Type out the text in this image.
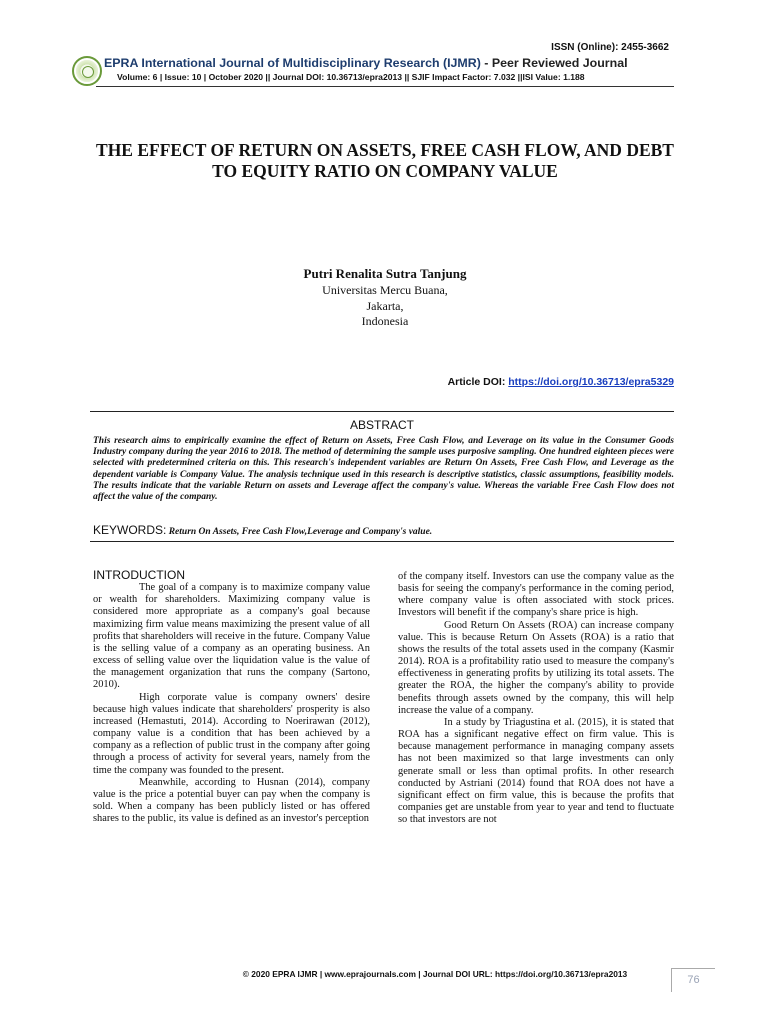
ISSN (Online): 2455-3662
EPRA International Journal of Multidisciplinary Research (IJMR) - Peer Reviewed Journal
Volume: 6 | Issue: 10 | October 2020 || Journal DOI: 10.36713/epra2013 || SJIF Impact Factor: 7.032 ||ISI Value: 1.188
THE EFFECT OF RETURN ON ASSETS, FREE CASH FLOW, AND DEBT TO EQUITY RATIO ON COMPANY VALUE
Putri Renalita Sutra Tanjung
Universitas Mercu Buana,
Jakarta,
Indonesia
Article DOI: https://doi.org/10.36713/epra5329
ABSTRACT
This research aims to empirically examine the effect of Return on Assets, Free Cash Flow, and Leverage on its value in the Consumer Goods Industry company during the year 2016 to 2018. The method of determining the sample uses purposive sampling. One hundred eighteen pieces were selected with predetermined criteria on this. This research's independent variables are Return On Assets, Free Cash Flow, and Leverage as the dependent variable is Company Value. The analysis technique used in this research is descriptive statistics, classic assumptions, feasibility models. The results indicate that the variable Return on assets and Leverage affect the company's value. Whereas the variable Free Cash Flow does not affect the value of the company.
KEYWORDS: Return On Assets, Free Cash Flow,Leverage and Company's value.
INTRODUCTION

The goal of a company is to maximize company value or wealth for shareholders. Maximizing company value is considered more appropriate as a company's goal because maximizing firm value means maximizing the present value of all profits that shareholders will receive in the future. Company Value is the selling value of a company as an operating business. An excess of selling value over the liquidation value is the value of the management organization that runs the company (Sartono, 2010).

High corporate value is company owners' desire because high values indicate that shareholders' prosperity is also increased (Hemastuti, 2014). According to Noerirawan (2012), company value is a condition that has been achieved by a company as a reflection of public trust in the company after going through a process of activity for several years, namely from the time the company was founded to the present.

Meanwhile, according to Husnan (2014), company value is the price a potential buyer can pay when the company is sold. When a company has been publicly listed or has offered shares to the public, its value is defined as an investor's perception

of the company itself. Investors can use the company value as the basis for seeing the company's performance in the coming period, where company value is often associated with stock prices. Investors will benefit if the company's share price is high.

Good Return On Assets (ROA) can increase company value. This is because Return On Assets (ROA) is a ratio that shows the results of the total assets used in the company (Kasmir 2014). ROA is a profitability ratio used to measure the company's effectiveness in generating profits by utilizing its total assets. The greater the ROA, the higher the company's ability to provide benefits through assets owned by the company, this will help increase the value of a company.

In a study by Triagustina et al. (2015), it is stated that ROA has a significant negative effect on firm value. This is because management performance in managing company assets has not been maximized so that large investments can only generate small or less than optimal profits. In other research conducted by Astriani (2014) found that ROA does not have a significant effect on firm value, this is because the profits that companies get are unstable from year to year and tend to fluctuate so that investors are not

© 2020 EPRA IJMR | www.eprajournals.com | Journal DOI URL: https://doi.org/10.36713/epra2013	76
